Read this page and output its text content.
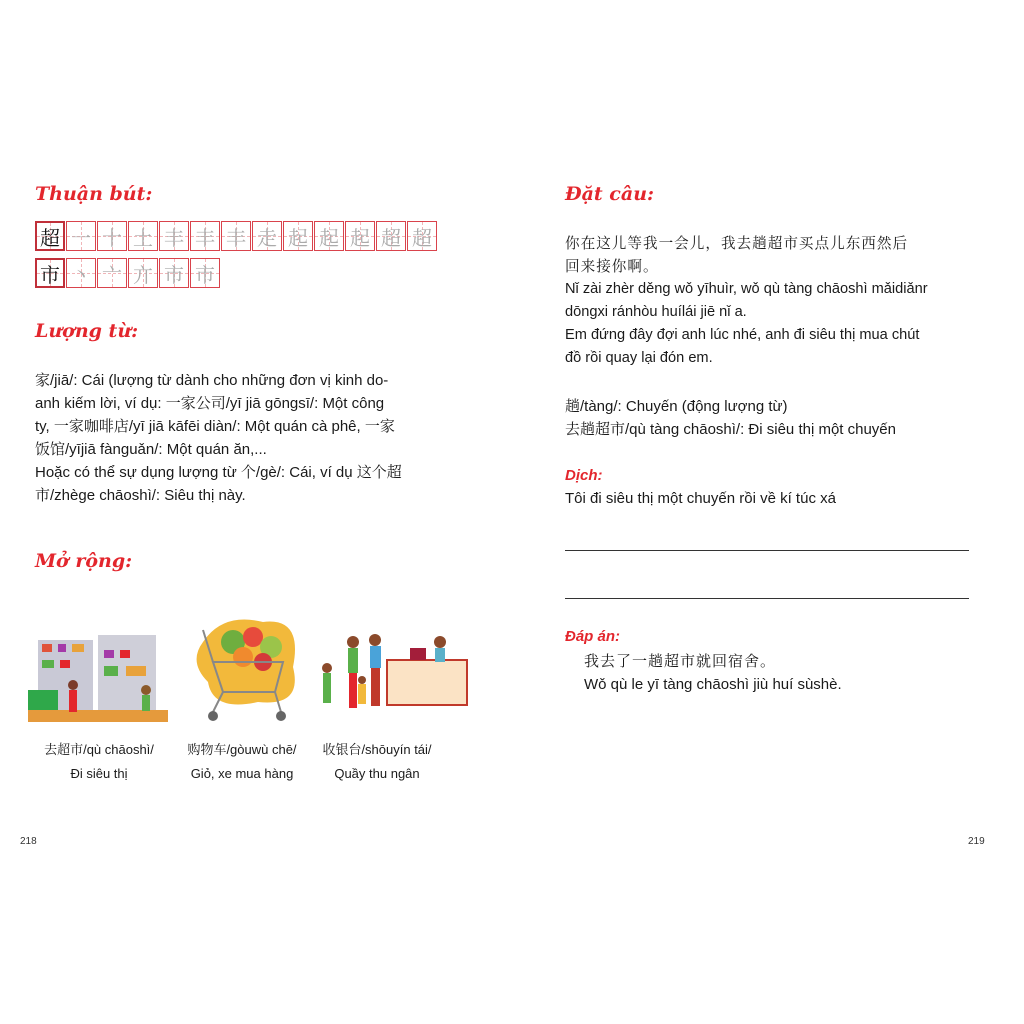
Thuận bút:
超 一 十 土 丰 丰 丰 走 起 起 起 超 超
市 丶 亠 亣 市 市
Lượng từ:
家/jiā/: Cái (lượng từ dành cho những đơn vị kinh do-
anh kiếm lời, ví dụ: 一家公司/yī jiā gōngsī/: Một công
ty, 一家咖啡店/yī jiā kāfēi diàn/: Một quán cà phê, 一家
饭馆/yījiā fànguǎn/: Một quán ăn,...
Hoặc có thể sự dụng lượng từ 个/gè/: Cái, ví dụ 这个超
市/zhège chāoshì/: Siêu thị này.
Mở rộng:
去超市/qù chāoshì/
Đi siêu thị
购物车/gòuwù chē/
Giỏ, xe mua hàng
收银台/shōuyín tái/
Quầy thu ngân
218
Đặt câu:
你在这儿等我一会儿，我去趟超市买点儿东西然后
回来接你啊。
Nǐ zài zhèr děng wǒ yīhuìr, wǒ qù tàng chāoshì mǎidiǎnr
dōngxi ránhòu huílái jiē nǐ a.
Em đứng đây đợi anh lúc nhé, anh đi siêu thị mua chút
đồ rồi quay lại đón em.
趟/tàng/: Chuyến (động lượng từ)
去趟超市/qù tàng chāoshì/: Đi siêu thị một chuyến
Dịch:
Tôi đi siêu thị một chuyến rồi về kí túc xá
Đáp án:
我去了一趟超市就回宿舍。
Wǒ qù le yī tàng chāoshì jiù huí sùshè.
219
